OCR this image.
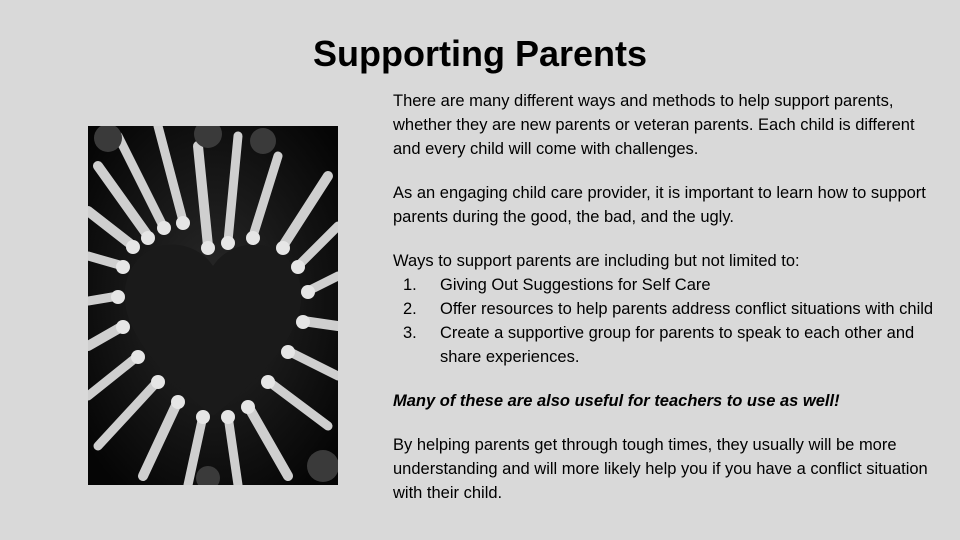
Supporting Parents

There are many different ways and methods to help support parents, whether they are new parents or veteran parents. Each child is different and every child will come with challenges.

As an engaging child care provider, it is important to learn how to support parents during the good, the bad, and the ugly.

Ways to support parents are including but not limited to:

1.	Giving Out Suggestions for Self Care
2.	Offer resources to help parents address conflict situations with child
3.	Create a supportive group for parents to speak to each other and share experiences.

Many of these are also useful for teachers to use as well!

By helping parents get through tough times, they usually will be more understanding and will more likely help you if you have a conflict situation with their child.
